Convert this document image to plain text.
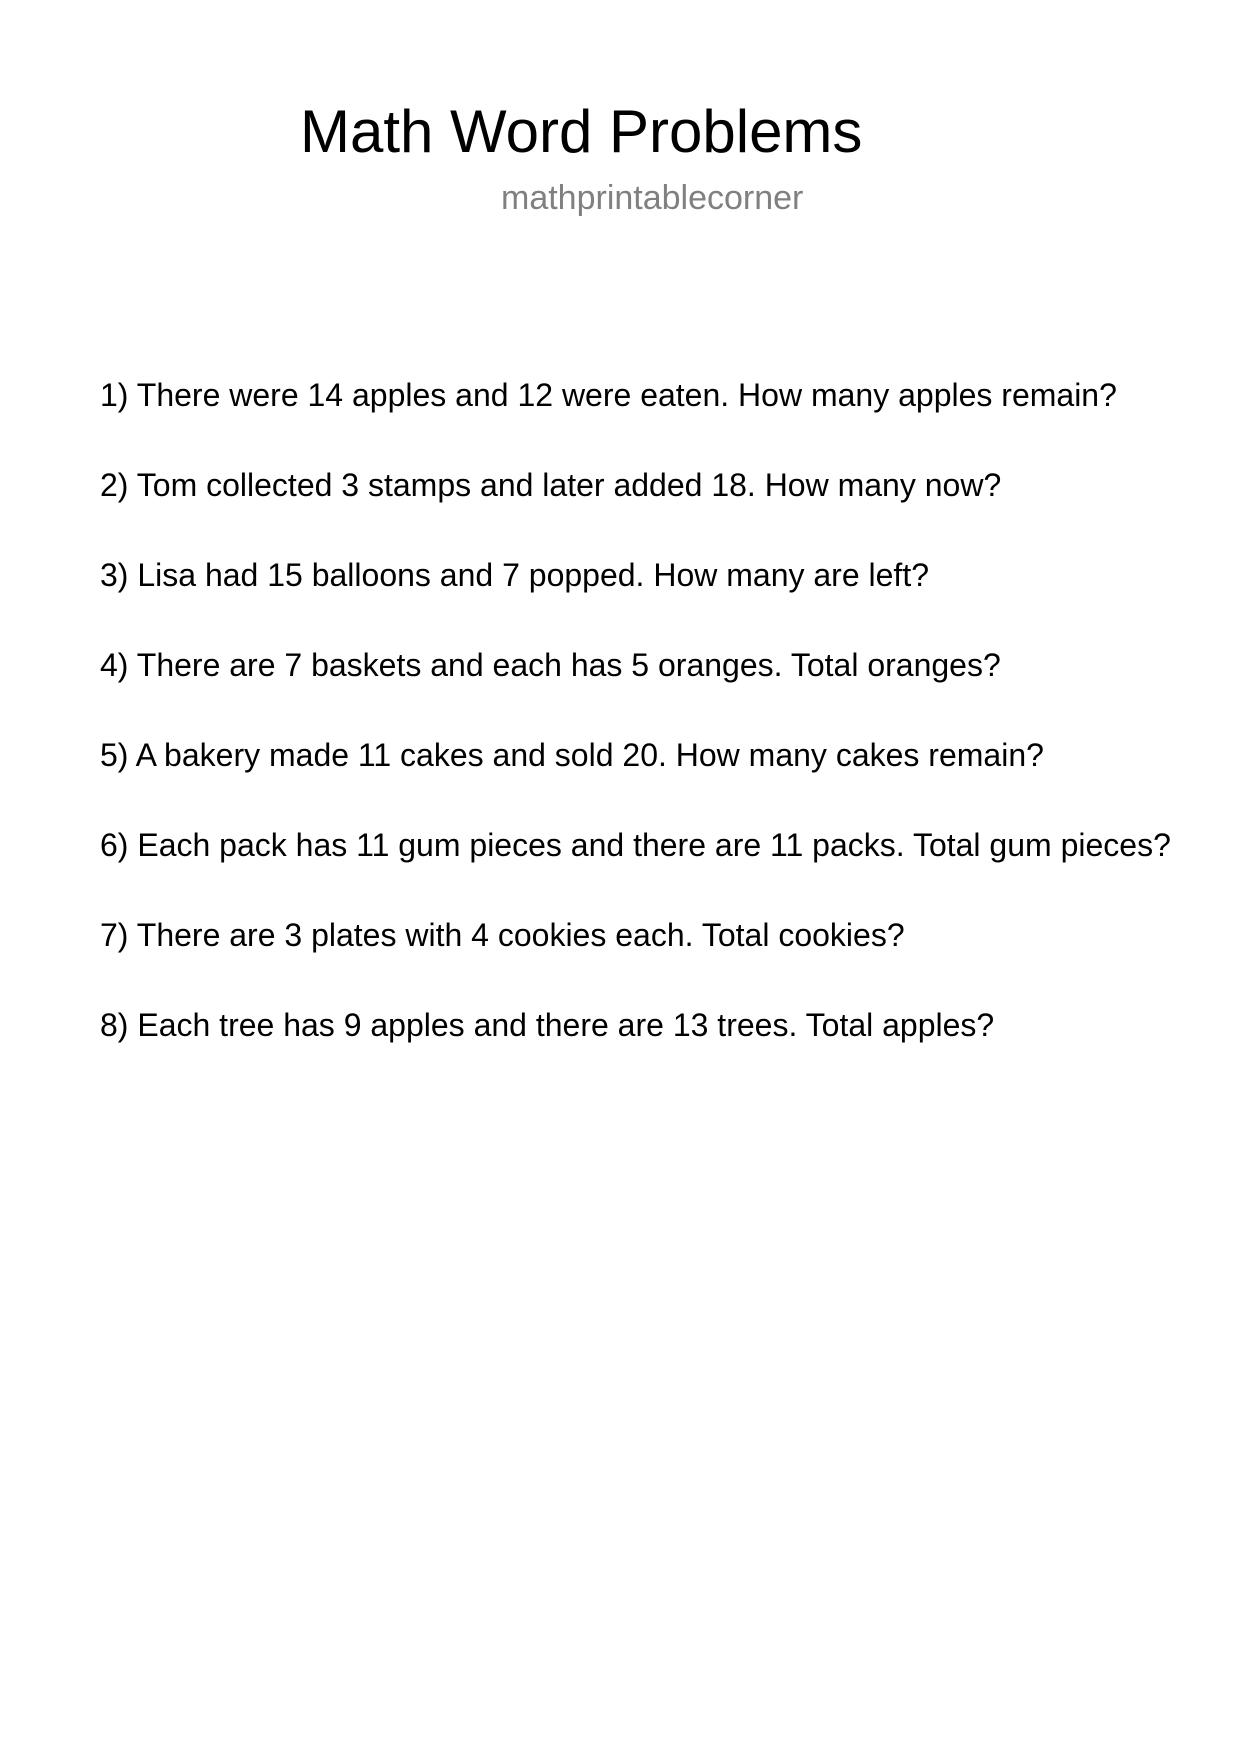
Math Word Problems
mathprintablecorner
1) There were 14 apples and 12 were eaten. How many apples remain?
2) Tom collected 3 stamps and later added 18. How many now?
3) Lisa had 15 balloons and 7 popped. How many are left?
4) There are 7 baskets and each has 5 oranges. Total oranges?
5) A bakery made 11 cakes and sold 20. How many cakes remain?
6) Each pack has 11 gum pieces and there are 11 packs. Total gum pieces?
7) There are 3 plates with 4 cookies each. Total cookies?
8) Each tree has 9 apples and there are 13 trees. Total apples?
